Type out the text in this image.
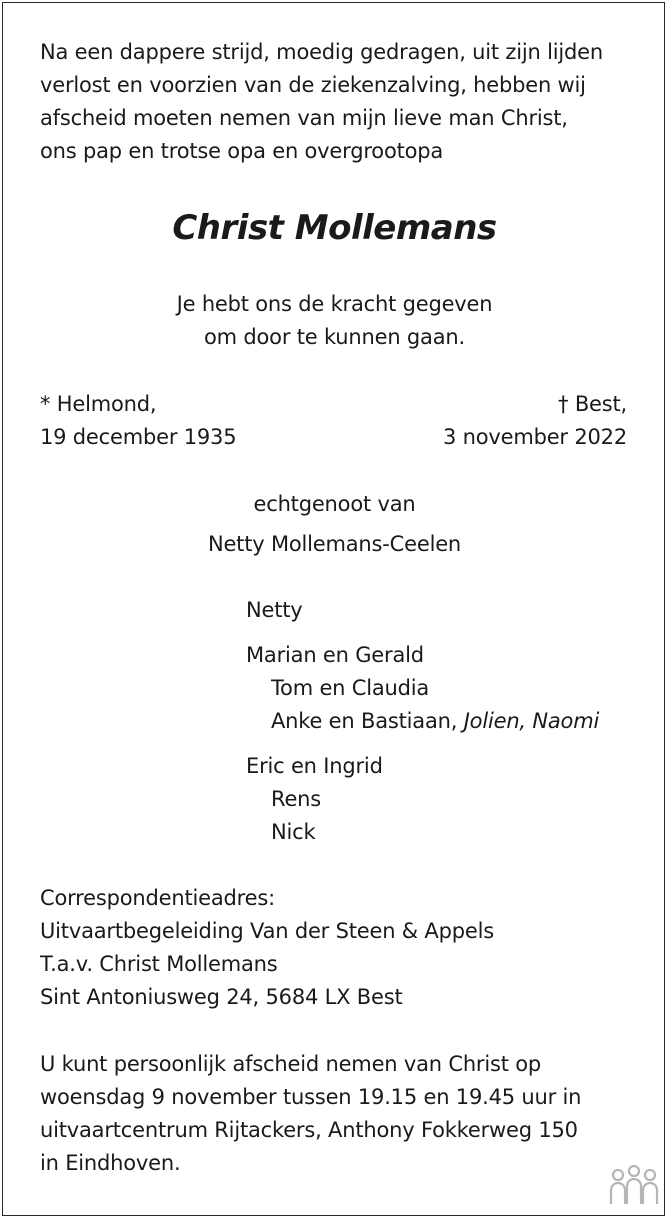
Na een dappere strijd, moedig gedragen, uit zijn lijden
verlost en voorzien van de ziekenzalving, hebben wij
afscheid moeten nemen van mijn lieve man Christ,
ons pap en trotse opa en overgrootopa
Christ Mollemans
Je hebt ons de kracht gegeven
om door te kunnen gaan.
* Helmond,
19 december 1935
† Best,
3 november 2022
echtgenoot van
Netty Mollemans-Ceelen
Netty
Marian en Gerald
Tom en Claudia
Anke en Bastiaan, Jolien, Naomi
Eric en Ingrid
Rens
Nick
Correspondentieadres:
Uitvaartbegeleiding Van der Steen & Appels
T.a.v. Christ Mollemans
Sint Antoniusweg 24, 5684 LX Best
U kunt persoonlijk afscheid nemen van Christ op
woensdag 9 november tussen 19.15 en 19.45 uur in
uitvaartcentrum Rijtackers, Anthony Fokkerweg 150
in Eindhoven.
